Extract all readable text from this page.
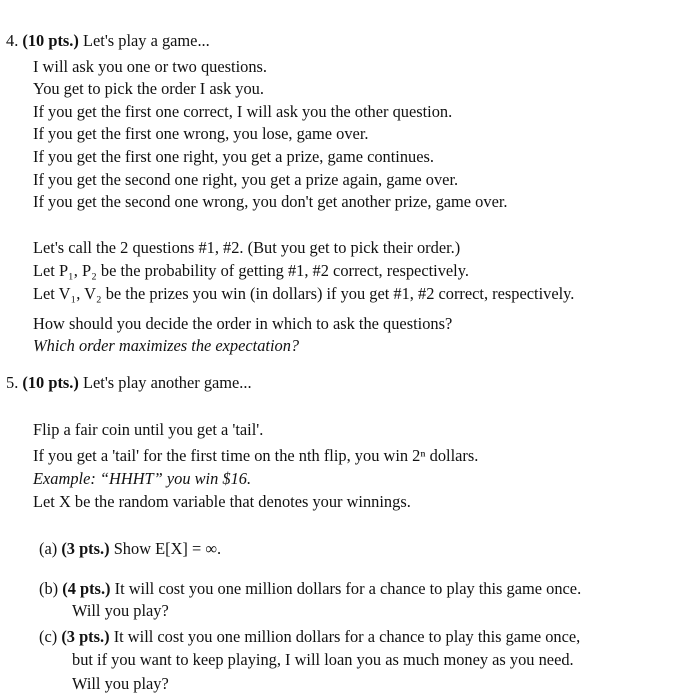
4. (10 pts.) Let's play a game...
I will ask you one or two questions.
You get to pick the order I ask you.
If you get the first one correct, I will ask you the other question.
If you get the first one wrong, you lose, game over.
If you get the first one right, you get a prize, game continues.
If you get the second one right, you get a prize again, game over.
If you get the second one wrong, you don't get another prize, game over.
Let's call the 2 questions #1, #2. (But you get to pick their order.)
Let P₁, P₂ be the probability of getting #1, #2 correct, respectively.
Let V₁, V₂ be the prizes you win (in dollars) if you get #1, #2 correct, respectively.
How should you decide the order in which to ask the questions?
Which order maximizes the expectation?
5. (10 pts.) Let's play another game...
Flip a fair coin until you get a 'tail'.
If you get a 'tail' for the first time on the nth flip, you win 2ⁿ dollars.
Example: “HHHT” you win $16.
Let X be the random variable that denotes your winnings.
(a) (3 pts.) Show E[X] = ∞.
(b) (4 pts.) It will cost you one million dollars for a chance to play this game once.
Will you play?
(c) (3 pts.) It will cost you one million dollars for a chance to play this game once,
but if you want to keep playing, I will loan you as much money as you need.
Will you play?
